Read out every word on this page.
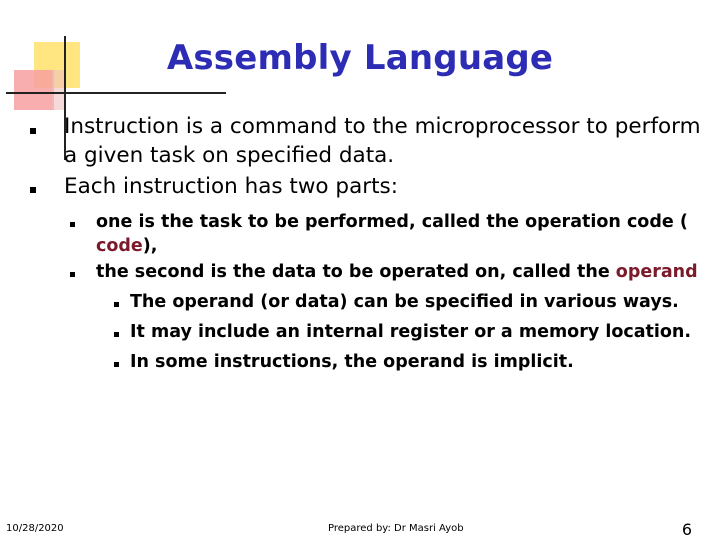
Assembly Language
Instruction is a command to the microprocessor to perform
a given task on specified data.
Each instruction has two parts:
one is the task to be performed, called the operation code (
code),
the second is the data to be operated on, called the operand
The operand (or data) can be specified in various ways.
It may include an internal register or a memory location.
In some instructions, the operand is implicit.
10/28/2020	Prepared by: Dr Masri Ayob	6
